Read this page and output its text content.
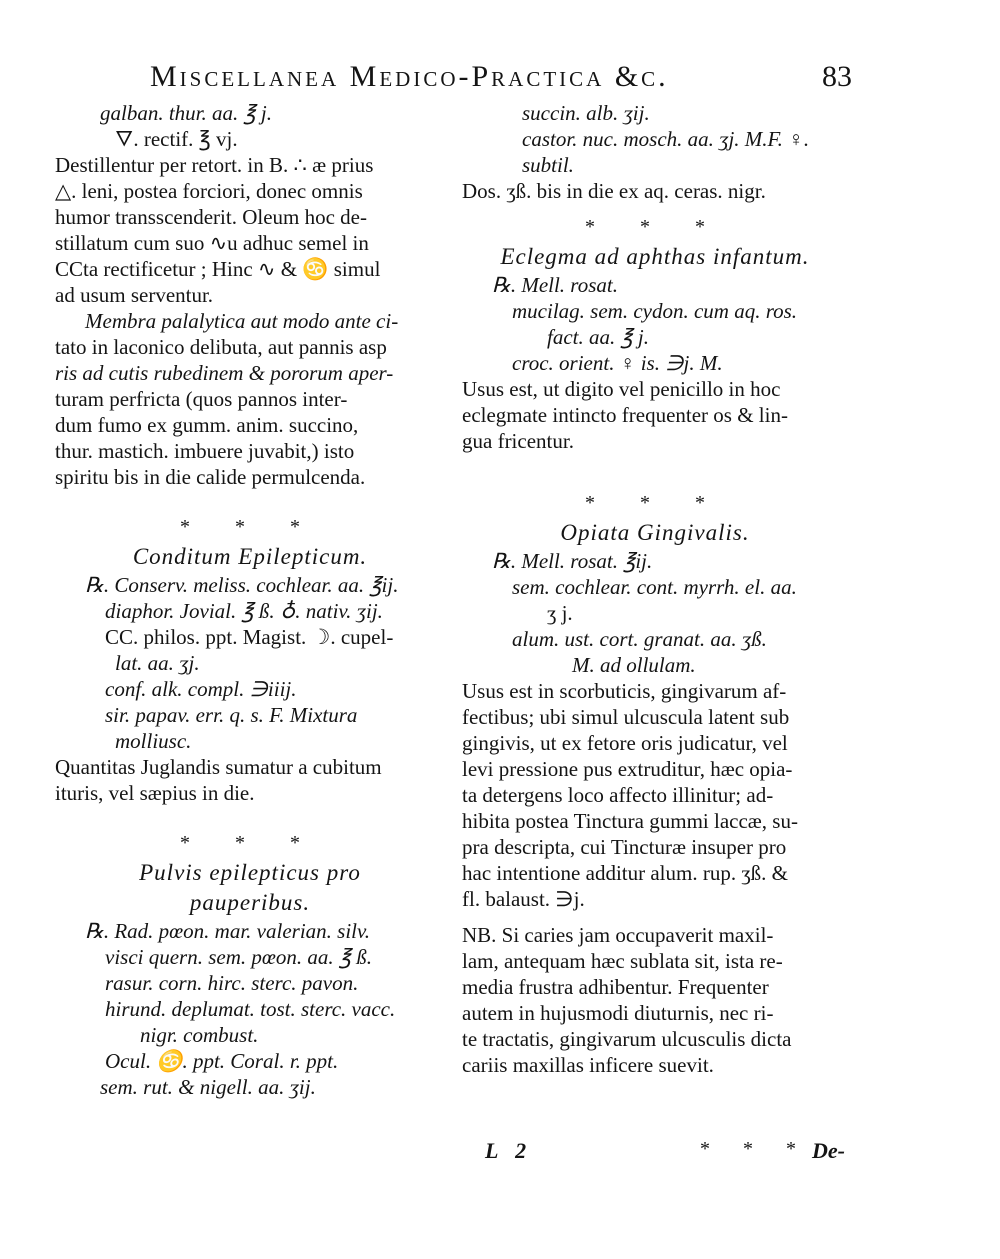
Miscellanea Medico-Practica &c.	83
galban. thur. aa. ℥ j.
🜄. rectif. ℥ vj.
Destillentur per retort. in B. ∴ æ prius
△. leni, postea forciori, donec omnis
humor transscenderit. Oleum hoc de-
stillatum cum suo ∿u adhuc semel in
CCta rectificetur ; Hinc ∿ & ♋ simul
ad usum serventur.
Membra palalytica aut modo ante ci-
tato in laconico delibuta, aut pannis asp
ris ad cutis rubedinem & pororum aper-
turam perfricta (quos pannos inter-
dum fumo ex gumm. anim. succino,
thur. mastich. imbuere juvabit,) isto
spiritu bis in die calide permulcenda.
* * *
Conditum Epilepticum.
℞. Conserv. meliss. cochlear. aa. ℥ij.
diaphor. Jovial. ℥ ß. ♁. nativ. ʒij.
CC. philos. ppt. Magist. ☽. cupel-
lat. aa. ʒj.
conf. alk. compl. ∋iiij.
sir. papav. err. q. s. F. Mixtura
molliusc.
Quantitas Juglandis sumatur a cubitum
ituris, vel sæpius in die.
* * *
Pulvis epilepticus pro
pauperibus.
℞. Rad. pœon. mar. valerian. silv.
visci quern. sem. pœon. aa. ℥ ß.
rasur. corn. hirc. sterc. pavon.
hirund. deplumat. tost. sterc. vacc.
nigr. combust.
Ocul. ♋. ppt. Coral. r. ppt.
sem. rut. & nigell. aa. ʒij.
succin. alb. ʒij.
castor. nuc. mosch. aa. ʒj. M.F. ♀.
subtil.
Dos. ʒß. bis in die ex aq. ceras. nigr.
* * *
Eclegma ad aphthas infantum.
℞. Mell. rosat.
mucilag. sem. cydon. cum aq. ros.
fact. aa. ℥ j.
croc. orient. ♀ is. ∋j. M.
Usus est, ut digito vel penicillo in hoc
eclegmate intincto frequenter os & lin-
gua fricentur.
* * *
Opiata Gingivalis.
℞. Mell. rosat. ℥ij.
sem. cochlear. cont. myrrh. el. aa.
ʒ j.
alum. ust. cort. granat. aa. ʒß.
M. ad ollulam.
Usus est in scorbuticis, gingivarum af-
fectibus; ubi simul ulcuscula latent sub
gingivis, ut ex fetore oris judicatur, vel
levi pressione pus extruditur, hæc opia-
ta detergens loco affecto illinitur; ad-
hibita postea Tinctura gummi laccæ, su-
pra descripta, cui Tincturæ insuper pro
hac intentione additur alum. rup. ʒß. &
fl. balaust. ∋j.
NB. Si caries jam occupaverit maxil-
lam, antequam hæc sublata sit, ista re-
media frustra adhibentur. Frequenter
autem in hujusmodi diuturnis, nec ri-
te tractatis, gingivarum ulcusculis dicta
cariis maxillas inficere suevit.
L 2	* * * De-
